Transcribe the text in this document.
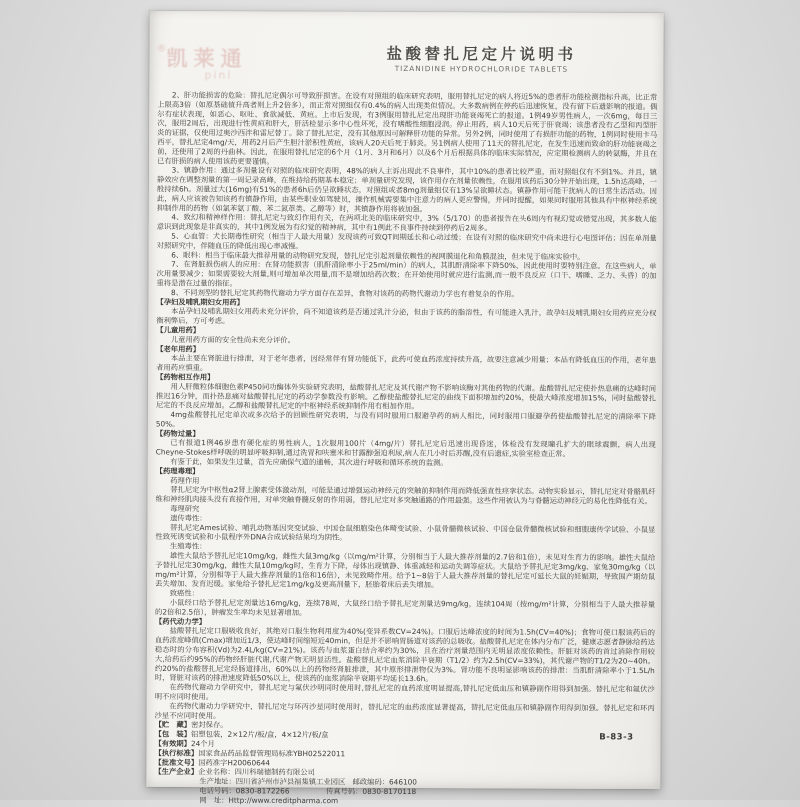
®凯莱通
pinl
盐酸替扎尼定片说明书
TIZANIDINE HYDROCHLORIDE TABLETS
2、肝功能损害的危险：替扎尼定偶尔可导致肝损害。在设有对照组的临床研究表明，服用替扎尼定的病人将近5%的患者肝功能检测指标升高，比正常上限高3倍（如原基础值升高者则上升2倍多），而正常对照组仅有0.4%的病人出现类似情况。大多数病例在停药后迅速恢复，没有留下后遗影响的报道。偶尔有症状表现，如恶心、呕吐、食欲减低、黄疸。上市后发现，有3例服用替扎尼定出现肝功能衰竭死亡的报道。1例49岁男性病人，一次6mg，每日三次，服用2周后，出现进行性黄疸和肝大，肝活检显示多中心性坏死，没有嗜酸性细胞浸润。停止用药，病人10天后死于肝衰竭；该患者没有乙型和丙型肝炎的证据，仅使用过奥沙西泮和雷尼替丁。除了替扎尼定，没有其他原因可解释肝功能的异常。另外2例，同时使用了有损肝功能的药物，1例同时使用卡马西平，替扎尼定4mg/天，用药2月后产生胆汁淤积性黄疸，该病人20天后死于肺炎。另1例病人使用了11天的替扎尼定，在发生迅速而致命的肝功能衰竭之前，还使用了2周的丹曲林。因此，在服用替扎尼定的6个月（1月、3月和6月）以及6个月后根据具体的临床实际情况，应定期检测病人的转氨酶，并且在已有肝损的病人使用该药更要谨慎。
3、镇静作用：通过多剂量设有对照的临床研究表明，48%的病人主诉出现此不良事件，其中10%的患者比较严重，而对照组仅有不到1%。并且，镇静效应在调整剂量的第一周记录高峰，在维持给药期基本稳定；单剂量研究发现，该作用存在剂量依赖性，在服用该药后30分钟开始出现，1.5h达高峰，一般持续6h。剂量过大(16mg)有51%的患者6h后仍呈欲睡状态，对照组或者8mg剂量组仅有13%呈欲睡状态。镇静作用可能干扰病人的日常生活活动。因此，病人应该被告知该药有镇静作用，由某些职业如驾驶员，操作机械需要集中注意力的病人更应警惕，并同时提醒，如果同时服用其他具有中枢神经系统抑制作用的药物（如氯苯氨丁酸、苯二氮䓬类、乙醇等）时，其镇静作用将被加强。
4、致幻和精神样作用：替扎尼定与致幻作用有关，在两项北美的临床研究中，3%（5/170）的患者报告在头6周内有视幻觉或错觉出现，其多数人能意识到此现象是非真实的，其中1例发展为有幻觉的精神病，其中有1例此不良事件持续到停药后2周多。
5、心血管：犬长期毒性研究（相当于人最大用量）发现该药可致QT间期延长和心动过缓；在设有对照的临床研究中尚未进行心电图评估；因在单剂量对照研究中，伴随血压的降低出现心率减慢。
6、眼科：相当于临床最大推荐用量的动物研究发现，替扎尼定引起剂量依赖性的视网膜退化和角膜混浊，但未见于临床实验中。
7、在肾脏损伤病人的应用：在肾功能损害（肌酐清除率小于25ml/min）的病人，其肌酐清除率下降50%，因此使用时要特别注意。在这些病人，单次用量要减少；如果需要较大剂量,则可增加单次用量,而不是增加给药次数；在开始使用时就应进行监测,而一般不良反应（口干、嗜睡、乏力、头昏）的加重将是潜在过量的指征。
8、不同剂型的替扎尼定其药物代谢动力学方面存在差异，食物对该药的药物代谢动力学也有着复杂的作用。
【孕妇及哺乳期妇女用药】
本品孕妇及哺乳期妇女用药未充分评价，尚不知道该药是否通过乳汁分泌，但由于该药的脂溶性，有可能进入乳汁，故孕妇及哺乳期妇女用药应充分权衡利弊后，方可考虑。
【儿童用药】
儿童用药方面的安全性尚未充分评价。
【老年用药】
本品主要在肾脏进行排泄，对于老年患者，因经常伴有肾功能低下，此药可使血药浓度持续升高，故要注意减少用量；本品有降低血压的作用，老年患者用药应慎重。
【药物相互作用】
用人肝微粒体细胞色素P450同功酶体外实验研究表明，盐酸替扎尼定及其代谢产物不影响该酶对其他药物的代谢。盐酸替扎尼定使扑热息痛的达峰时间推迟16分钟，而扑热息痛对盐酸替扎尼定的药动学参数没有影响。乙醇使盐酸替扎尼定的曲线下面积增加约20%，使最大峰浓度增加15%，同时盐酸替扎尼定的不良反应增加。乙醇和盐酸替扎尼定的中枢神经系统抑制作用有相加作用。
4mg盐酸替扎尼定单次或多次给予的回顾性研究表明，与没有同时服用口服避孕药的病人相比，同时服用口服避孕药使盐酸替扎尼定的清除率下降50%。
【药物过量】
已有报道1例46岁患有硬化症的男性病人，1次服用100片（4mg/片）替扎尼定后迅速出现昏迷，体检没有发现瞳孔扩大的眼球震颤，病人出现Cheyne-Stokes样呼吸的明显呼吸抑制,通过洗胃和呋塞米和甘露醇强迫利尿,病人在几小时后苏醒,没有后遗症,实验室检查正常。
有鉴于此，如果发生过量，首先应确保气道的通畅，其次进行呼吸和循环系统的监测。
【药理毒理】
药理作用
替扎尼定为中枢性α2肾上腺素受体激动剂，可能是通过增强运动神经元的突触前抑制作用而降低强直性痉挛状态。动物实验显示，替扎尼定对骨骼肌纤维和神经肌肉接头没有直接作用，对单突触脊髓反射的作用弱，替扎尼定对多突触通路的作用最强。这些作用被认为与脊髓运动神经元的易化性降低有关。
毒理研究
遗传毒性：
替扎尼定Ames试验、哺乳动物基因突变试验、中国仓鼠细胞染色体畸变试验、小鼠骨髓微核试验、中国仓鼠骨髓微核试验和细胞遗传学试验、小鼠显性致死诱变试验和小鼠程序外DNA合成试验结果均为阴性。
生殖毒性：
雄性大鼠给予替扎尼定10mg/kg，雌性大鼠3mg/kg（以mg/m²计算，分别相当于人最大推荐剂量的2.7倍和1倍），未见对生育力的影响。雄性大鼠给予替扎尼定30mg/kg，雌性大鼠10mg/kg时，生育力下降，母体出现镇静、体重减轻和运动失调等症状。大鼠给予替扎尼定3mg/kg、家兔30mg/kg（以mg/m²计算，分别相等于人最大推荐剂量的1倍和16倍），未见致畸作用。给予1~8倍于人最大推荐剂量的替扎尼定可延长大鼠的妊娠期，导致围产期幼鼠丢失增加、发育迟缓。家兔给予替扎尼定1mg/kg及更高剂量下，胚胎着床后丢失增加。
致癌性：
小鼠经口给予替扎尼定剂量达16mg/kg，连续78周，大鼠经口给予替扎尼定剂量达9mg/kg，连续104周（按mg/m²计算，分别相当于人最大推荐量的2倍和2.5倍），肿瘤发生率均未见显著增加。
【药代动力学】
盐酸替扎尼定口服吸收良好，其绝对口服生物利用度为40%(变异系数CV=24%)。口服后达峰浓度的时间为1.5h(CV=40%)；食物可使口服该药后的血药浓度峰值(Cmax)增加近1/3，使达峰时间缩短近40min，但是并不影响胃肠道对该药的总吸收。盐酸替扎尼定在体内分布广泛，健康志愿者静脉给药达稳态时的分布容积(Vd)为2.4L/kg(CV=21%)。该药与血浆蛋白结合率约为30%，且在治疗剂量范围内无明显浓度依赖性。肝脏对该药的首过消除作用较大,给药后约95%的药物经肝脏代谢,代谢产物无明显活性。盐酸替扎尼定血浆消除半衰期（T1/2）约为2.5h(CV=33%)，其代谢产物的T1/2为20~40h。约20%的盐酸替扎尼定经肠道排出，60%以上的药物经肾脏排泄，其中原形排泄物仅为3%。肾功能不良明显影响该药的排泄：当肌酐清除率小于1.5L/h时，肾脏对该药的排泄速度降低50%以上，使该药的血浆消除半衰期平均延长13.6h。
在药物代谢动力学研究中，替扎尼定与氟伏沙明同时使用时,替扎尼定的血药浓度明显提高,替扎尼定低血压和镇静副作用得到加强。替扎尼定和氟伏沙明不应同时使用。
在药物代谢动力学研究中，替扎尼定与环丙沙星同时使用时，替扎尼定的血药浓度显著提高，替扎尼定低血压和镇静副作用得到加强。替扎尼定和环丙沙星不应同时使用。
【贮　藏】密封保存。
【包　装】铝塑包装，2×12片/板/盒，4×12片/板/盒
【有效期】24个月
【执行标准】国家食品药品监督管理局标准YBH02522011
【批准文号】国药准字H20060644
【生产企业】企业名称：四川科瑞德制药有限公司
生产地址：四川省泸州市泸县福集镇工业园区　邮政编码：646100
电话号码：0830-8172266　　　　　传真号码：0830-8170118
网　址：Http://www.creditpharma.com
B-83-3
